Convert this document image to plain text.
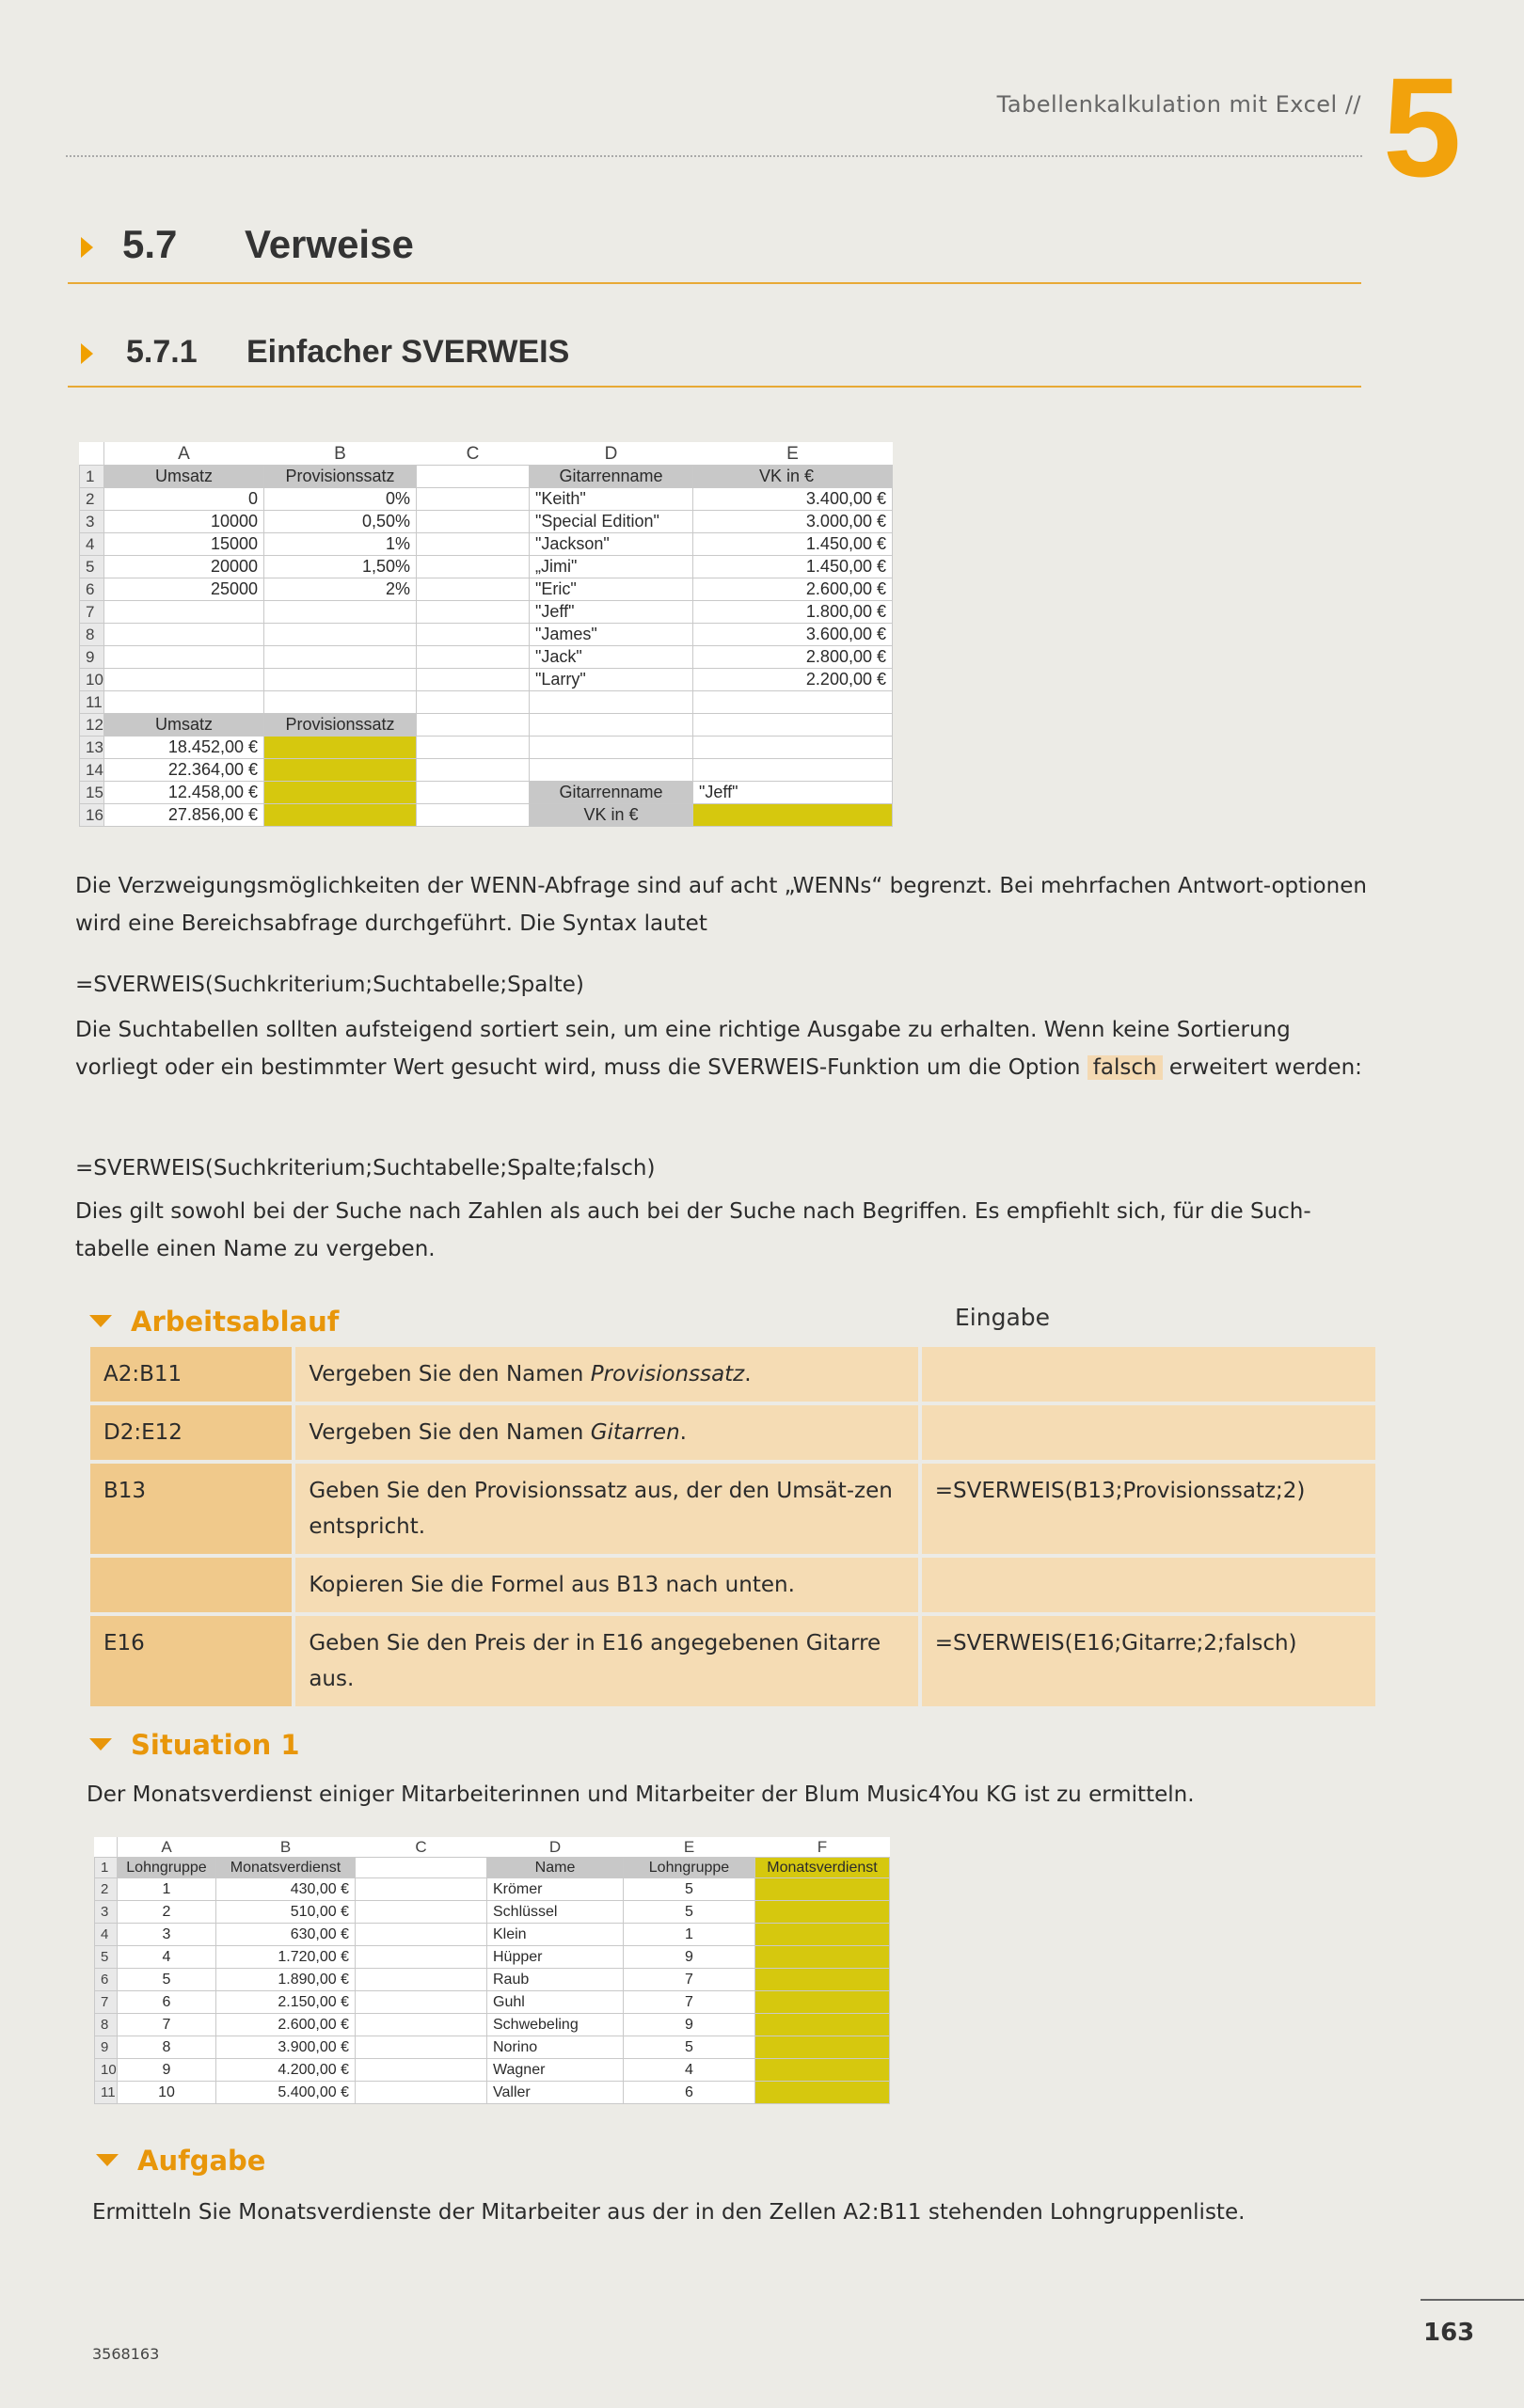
Tabellenkalkulation mit Excel // 5
5.7 Verweise
5.7.1 Einfacher SVERWEIS
	A	B	C	D	E
1	Umsatz	Provisionssatz		Gitarrenname	VK in €
2	0	0%		"Keith"	3.400,00 €
3	10000	0,50%		"Special Edition"	3.000,00 €
4	15000	1%		"Jackson"	1.450,00 €
5	20000	1,50%		„Jimi"	1.450,00 €
6	25000	2%		"Eric"	2.600,00 €
7				"Jeff"	1.800,00 €
8				"James"	3.600,00 €
9				"Jack"	2.800,00 €
10				"Larry"	2.200,00 €
11					
12	Umsatz	Provisionssatz			
13	18.452,00 €				
14	22.364,00 €				
15	12.458,00 €			Gitarrenname	"Jeff"
16	27.856,00 €			VK in €	
Die Verzweigungsmöglichkeiten der WENN-Abfrage sind auf acht „WENNs“ begrenzt. Bei mehrfachen Antwort-optionen wird eine Bereichsabfrage durchgeführt. Die Syntax lautet
=SVERWEIS(Suchkriterium;Suchtabelle;Spalte)
Die Suchtabellen sollten aufsteigend sortiert sein, um eine richtige Ausgabe zu erhalten. Wenn keine Sortierung vorliegt oder ein bestimmter Wert gesucht wird, muss die SVERWEIS-Funktion um die Option falsch erweitert werden:
=SVERWEIS(Suchkriterium;Suchtabelle;Spalte;falsch)
Dies gilt sowohl bei der Suche nach Zahlen als auch bei der Suche nach Begriffen. Es empfiehlt sich, für die Such-tabelle einen Name zu vergeben.
Arbeitsablauf	Eingabe
A2:B11	Vergeben Sie den Namen Provisionssatz.	
D2:E12	Vergeben Sie den Namen Gitarren.	
B13	Geben Sie den Provisionssatz aus, der den Umsät-zen entspricht.	=SVERWEIS(B13;Provisionssatz;2)
	Kopieren Sie die Formel aus B13 nach unten.	
E16	Geben Sie den Preis der in E16 angegebenen Gitarre aus.	=SVERWEIS(E16;Gitarre;2;falsch)
Situation 1
Der Monatsverdienst einiger Mitarbeiterinnen und Mitarbeiter der Blum Music4You KG ist zu ermitteln.
	A	B	C	D	E	F
1	Lohngruppe	Monatsverdienst		Name	Lohngruppe	Monatsverdienst
2	1	430,00 €		Krömer	5	
3	2	510,00 €		Schlüssel	5	
4	3	630,00 €		Klein	1	
5	4	1.720,00 €		Hüpper	9	
6	5	1.890,00 €		Raub	7	
7	6	2.150,00 €		Guhl	7	
8	7	2.600,00 €		Schwebeling	9	
9	8	3.900,00 €		Norino	5	
10	9	4.200,00 €		Wagner	4	
11	10	5.400,00 €		Valler	6	
Aufgabe
Ermitteln Sie Monatsverdienste der Mitarbeiter aus der in den Zellen A2:B11 stehenden Lohngruppenliste.
163
3568163
